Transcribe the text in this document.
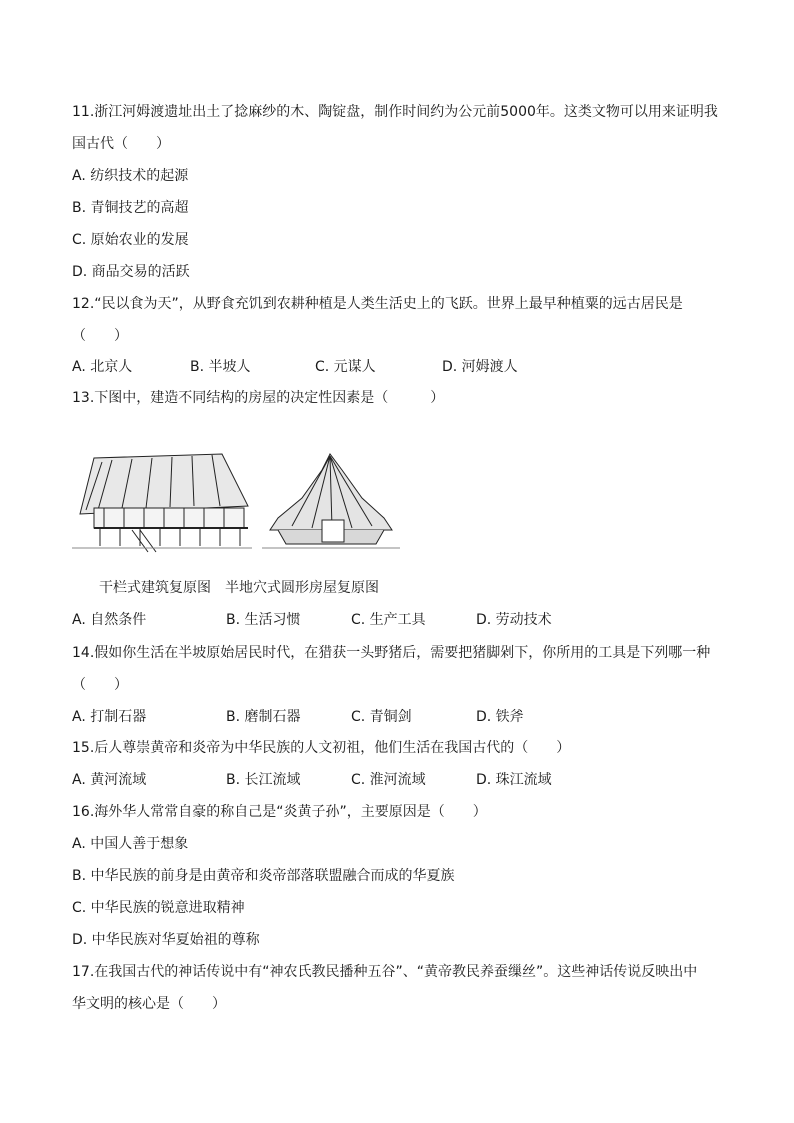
11.浙江河姆渡遗址出土了捻麻纱的木、陶锭盘，制作时间约为公元前5000年。这类文物可以用来证明我
国古代（　　）
A. 纺织技术的起源
B. 青铜技艺的高超
C. 原始农业的发展
D. 商品交易的活跃
12.“民以食为天”，从野食充饥到农耕种植是人类生活史上的飞跃。世界上最早种植粟的远古居民是
（　　）
A. 北京人	B. 半坡人	C. 元谋人	D. 河姆渡人
13.下图中，建造不同结构的房屋的决定性因素是（　　　）
干栏式建筑复原图 半地穴式圆形房屋复原图
A. 自然条件	B. 生活习惯	C. 生产工具	D. 劳动技术
14.假如你生活在半坡原始居民时代，在猎获一头野猪后，需要把猪脚剁下，你所用的工具是下列哪一种
（　　）
A. 打制石器	B. 磨制石器	C. 青铜剑	D. 铁斧
15.后人尊崇黄帝和炎帝为中华民族的人文初祖，他们生活在我国古代的（　　）
A. 黄河流域	B. 长江流域	C. 淮河流域	D. 珠江流域
16.海外华人常常自豪的称自己是“炎黄子孙”，主要原因是（　　）
A. 中国人善于想象
B. 中华民族的前身是由黄帝和炎帝部落联盟融合而成的华夏族
C. 中华民族的锐意进取精神
D. 中华民族对华夏始祖的尊称
17.在我国古代的神话传说中有“神农氏教民播种五谷”、“黄帝教民养蚕缫丝”。这些神话传说反映出中
华文明的核心是（　　）
